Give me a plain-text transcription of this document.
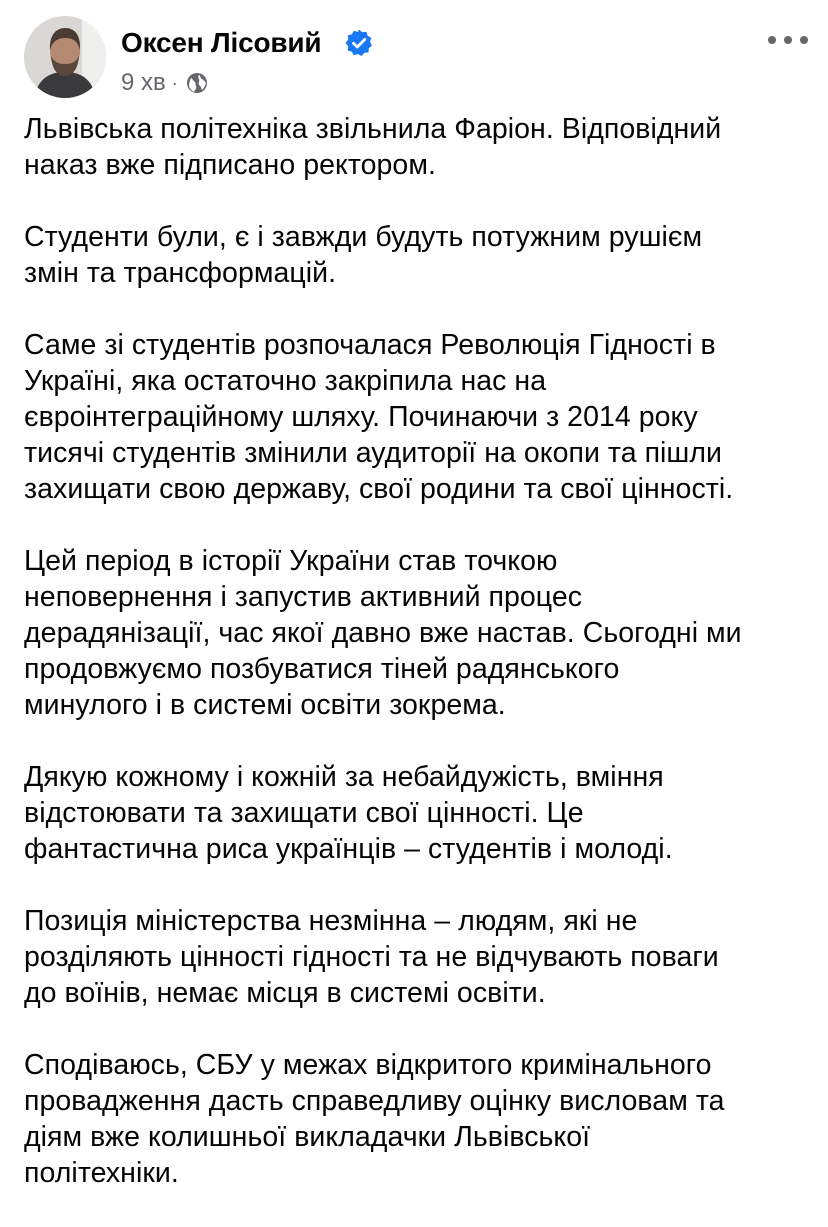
Оксен Лісовий
9 хв ·

Львівська політехніка звільнила Фаріон. Відповідний
наказ вже підписано ректором.

Студенти були, є і завжди будуть потужним рушієм
змін та трансформацій.

Саме зі студентів розпочалася Революція Гідності в
Україні, яка остаточно закріпила нас на
євроінтеграційному шляху. Починаючи з 2014 року
тисячі студентів змінили аудиторії на окопи та пішли
захищати свою державу, свої родини та свої цінності.

Цей період в історії України став точкою
неповернення і запустив активний процес
дерадянізації, час якої давно вже настав. Сьогодні ми
продовжуємо позбуватися тіней радянського
минулого і в системі освіти зокрема.

Дякую кожному і кожній за небайдужість, вміння
відстоювати та захищати свої цінності. Це
фантастична риса українців – студентів і молоді.

Позиція міністерства незмінна – людям, які не
розділяють цінності гідності та не відчувають поваги
до воїнів, немає місця в системі освіти.

Сподіваюсь, СБУ у межах відкритого кримінального
провадження дасть справедливу оцінку висловам та
діям вже колишньої викладачки Львівської
політехніки.
